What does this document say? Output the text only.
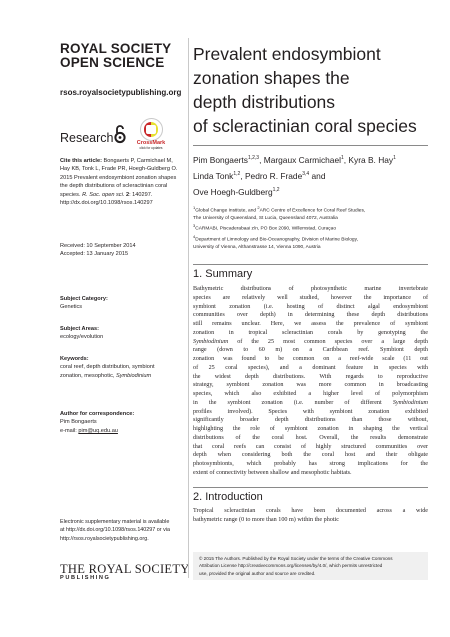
ROYAL SOCIETY
OPEN SCIENCE
rsos.royalsocietypublishing.org
Research	CrossMark
click for updates
Cite this article: Bongaerts P, Carmichael M, Hay KB, Tonk L, Frade PR, Hoegh-Guldberg O. 2015 Prevalent endosymbiont zonation shapes the depth distributions of scleractinian coral species. R. Soc. open sci. 2: 140297.
http://dx.doi.org/10.1098/rsos.140297
Received: 10 September 2014
Accepted: 13 January 2015
Subject Category:
Genetics
Subject Areas:
ecology/evolution
Keywords:
coral reef, depth distribution, symbiont
zonation, mesophotic, Symbiodinium
Author for correspondence:
Pim Bongaerts
e-mail: pim@uq.edu.au
Electronic supplementary material is available
at http://dx.doi.org/10.1098/rsos.140297 or via
http://rsos.royalsocietypublishing.org.
THE ROYAL SOCIETY
PUBLISHING
Prevalent endosymbiont
zonation shapes the
depth distributions
of scleractinian coral species
Pim Bongaerts$^{1,2,3}$, Margaux Carmichael$^1$, Kyra B. Hay$^1$
Linda Tonk$^{1,2}$, Pedro R. Frade$^{3,4}$ and
Ove Hoegh-Guldberg$^{1,2}$
$^1$Global Change Institute, and $^2$ARC Centre of Excellence for Coral Reef Studies,
The University of Queensland, St Lucia, Queensland 4072, Australia
$^3$CARMABI, Piscaderabaai z/n, PO Box 2090, Willemstad, Curaçao
$^4$Department of Limnology and Bio-Oceanography, Division of Marine Biology,
University of Vienna, Althanstrasse 14, Vienna 1090, Austria
1. Summary
Bathymetric distributions of photosynthetic marine invertebrate
species are relatively well studied, however the importance of
symbiont zonation (i.e. hosting of distinct algal endosymbiont
communities over depth) in determining these depth distributions
still remains unclear. Here, we assess the prevalence of symbiont
zonation in tropical scleractinian corals by genotyping the
Symbiodinium of the 25 most common species over a large depth
range (down to 60 m) on a Caribbean reef. Symbiont depth
zonation was found to be common on a reef-wide scale (11 out
of 25 coral species), and a dominant feature in species with
the widest depth distributions. With regards to reproductive
strategy, symbiont zonation was more common in broadcasting
species, which also exhibited a higher level of polymorphism
in the symbiont zonation (i.e. number of different Symbiodinium
profiles involved). Species with symbiont zonation exhibited
significantly broader depth distributions than those without,
highlighting the role of symbiont zonation in shaping the vertical
distributions of the coral host. Overall, the results demonstrate
that coral reefs can consist of highly structured communities over
depth when considering both the coral host and their obligate
photosymbionts, which probably has strong implications for the
extent of connectivity between shallow and mesophotic habitats.
2. Introduction
Tropical scleractinian corals have been documented across a wide
bathymetric range (0 to more than 100 m) within the photic
© 2015 The Authors. Published by the Royal Society under the terms of the Creative Commons
Attribution License http://creativecommons.org/licenses/by/4.0/, which permits unrestricted
use, provided the original author and source are credited.
